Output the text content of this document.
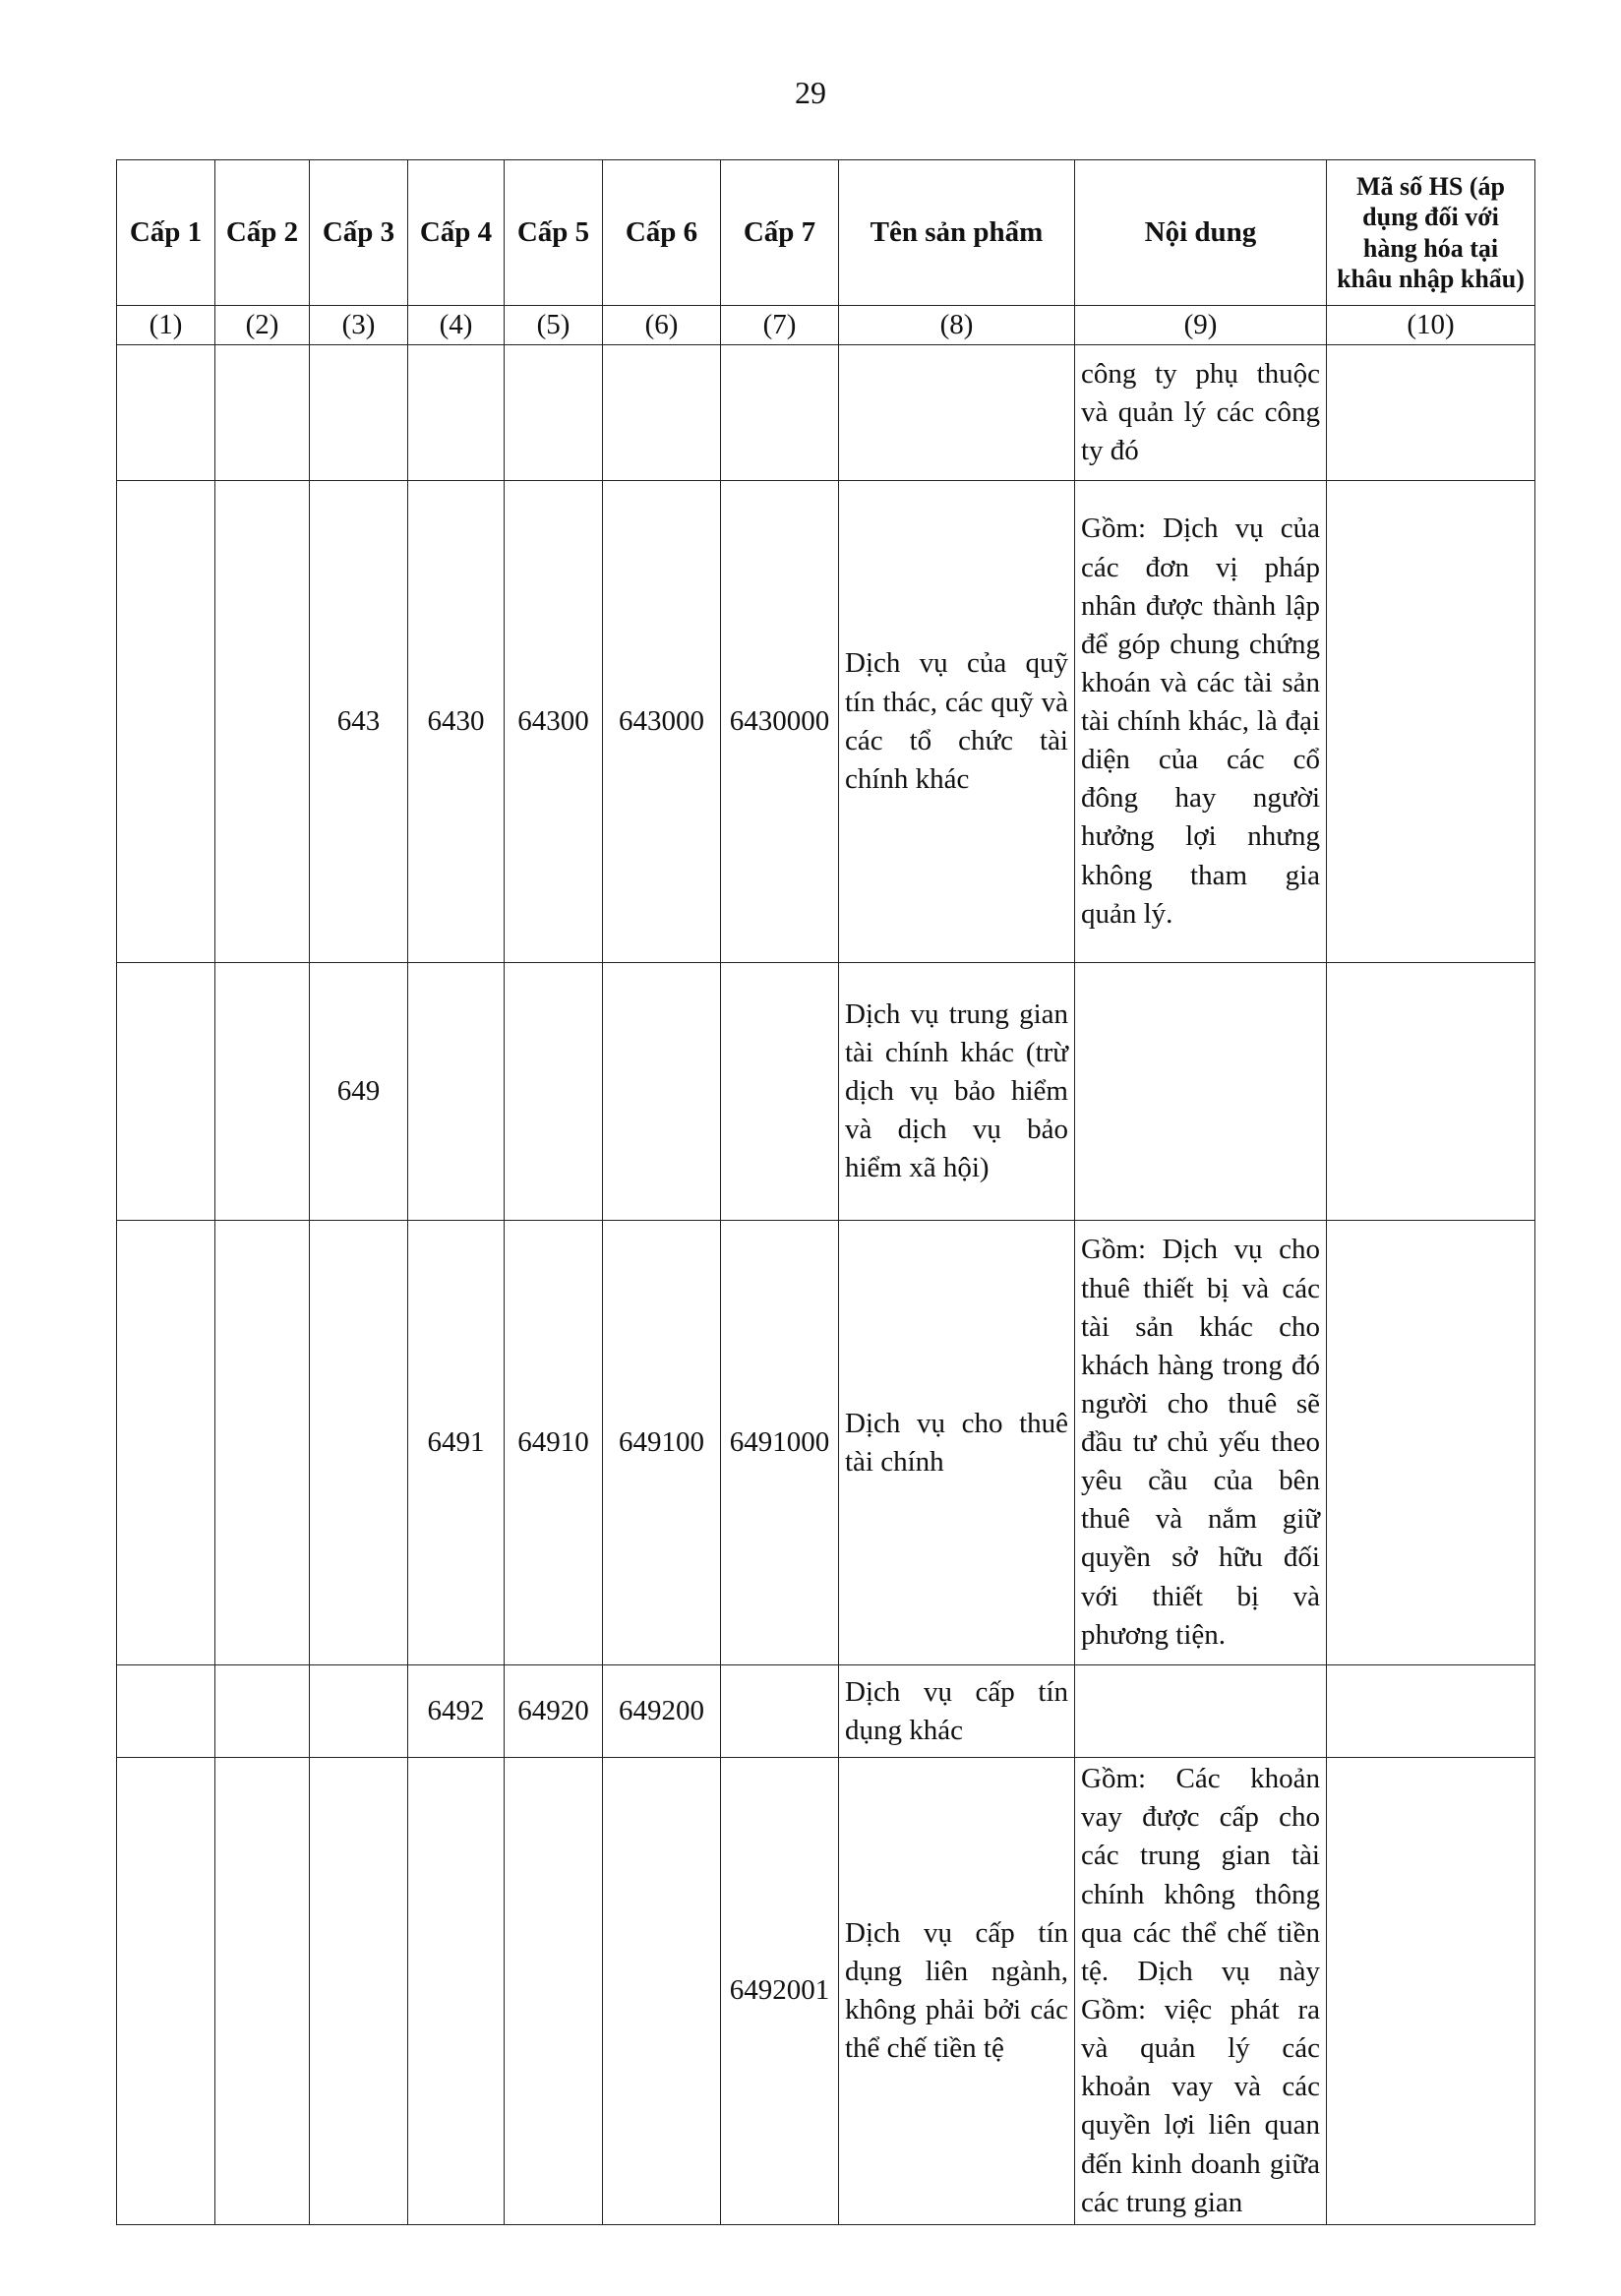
29
Cấp 1	Cấp 2	Cấp 3	Cấp 4	Cấp 5	Cấp 6	Cấp 7	Tên sản phẩm	Nội dung	Mã số HS (áp dụng đối với hàng hóa tại khâu nhập khẩu)
(1)	(2)	(3)	(4)	(5)	(6)	(7)	(8)	(9)	(10)
								công ty phụ thuộc và quản lý các công ty đó	
		643	6430	64300	643000	6430000	Dịch vụ của quỹ tín thác, các quỹ và các tổ chức tài chính khác	Gồm: Dịch vụ của các đơn vị pháp nhân được thành lập để góp chung chứng khoán và các tài sản tài chính khác, là đại diện của các cổ đông hay người hưởng lợi nhưng không tham gia quản lý.	
		649					Dịch vụ trung gian tài chính khác (trừ dịch vụ bảo hiểm và dịch vụ bảo hiểm xã hội)		
			6491	64910	649100	6491000	Dịch vụ cho thuê tài chính	Gồm: Dịch vụ cho thuê thiết bị và các tài sản khác cho khách hàng trong đó người cho thuê sẽ đầu tư chủ yếu theo yêu cầu của bên thuê và nắm giữ quyền sở hữu đối với thiết bị và phương tiện.	
			6492	64920	649200		Dịch vụ cấp tín dụng khác		
						6492001	Dịch vụ cấp tín dụng liên ngành, không phải bởi các thể chế tiền tệ	Gồm: Các khoản vay được cấp cho các trung gian tài chính không thông qua các thể chế tiền tệ. Dịch vụ này Gồm: việc phát ra và quản lý các khoản vay và các quyền lợi liên quan đến kinh doanh giữa các trung gian	
